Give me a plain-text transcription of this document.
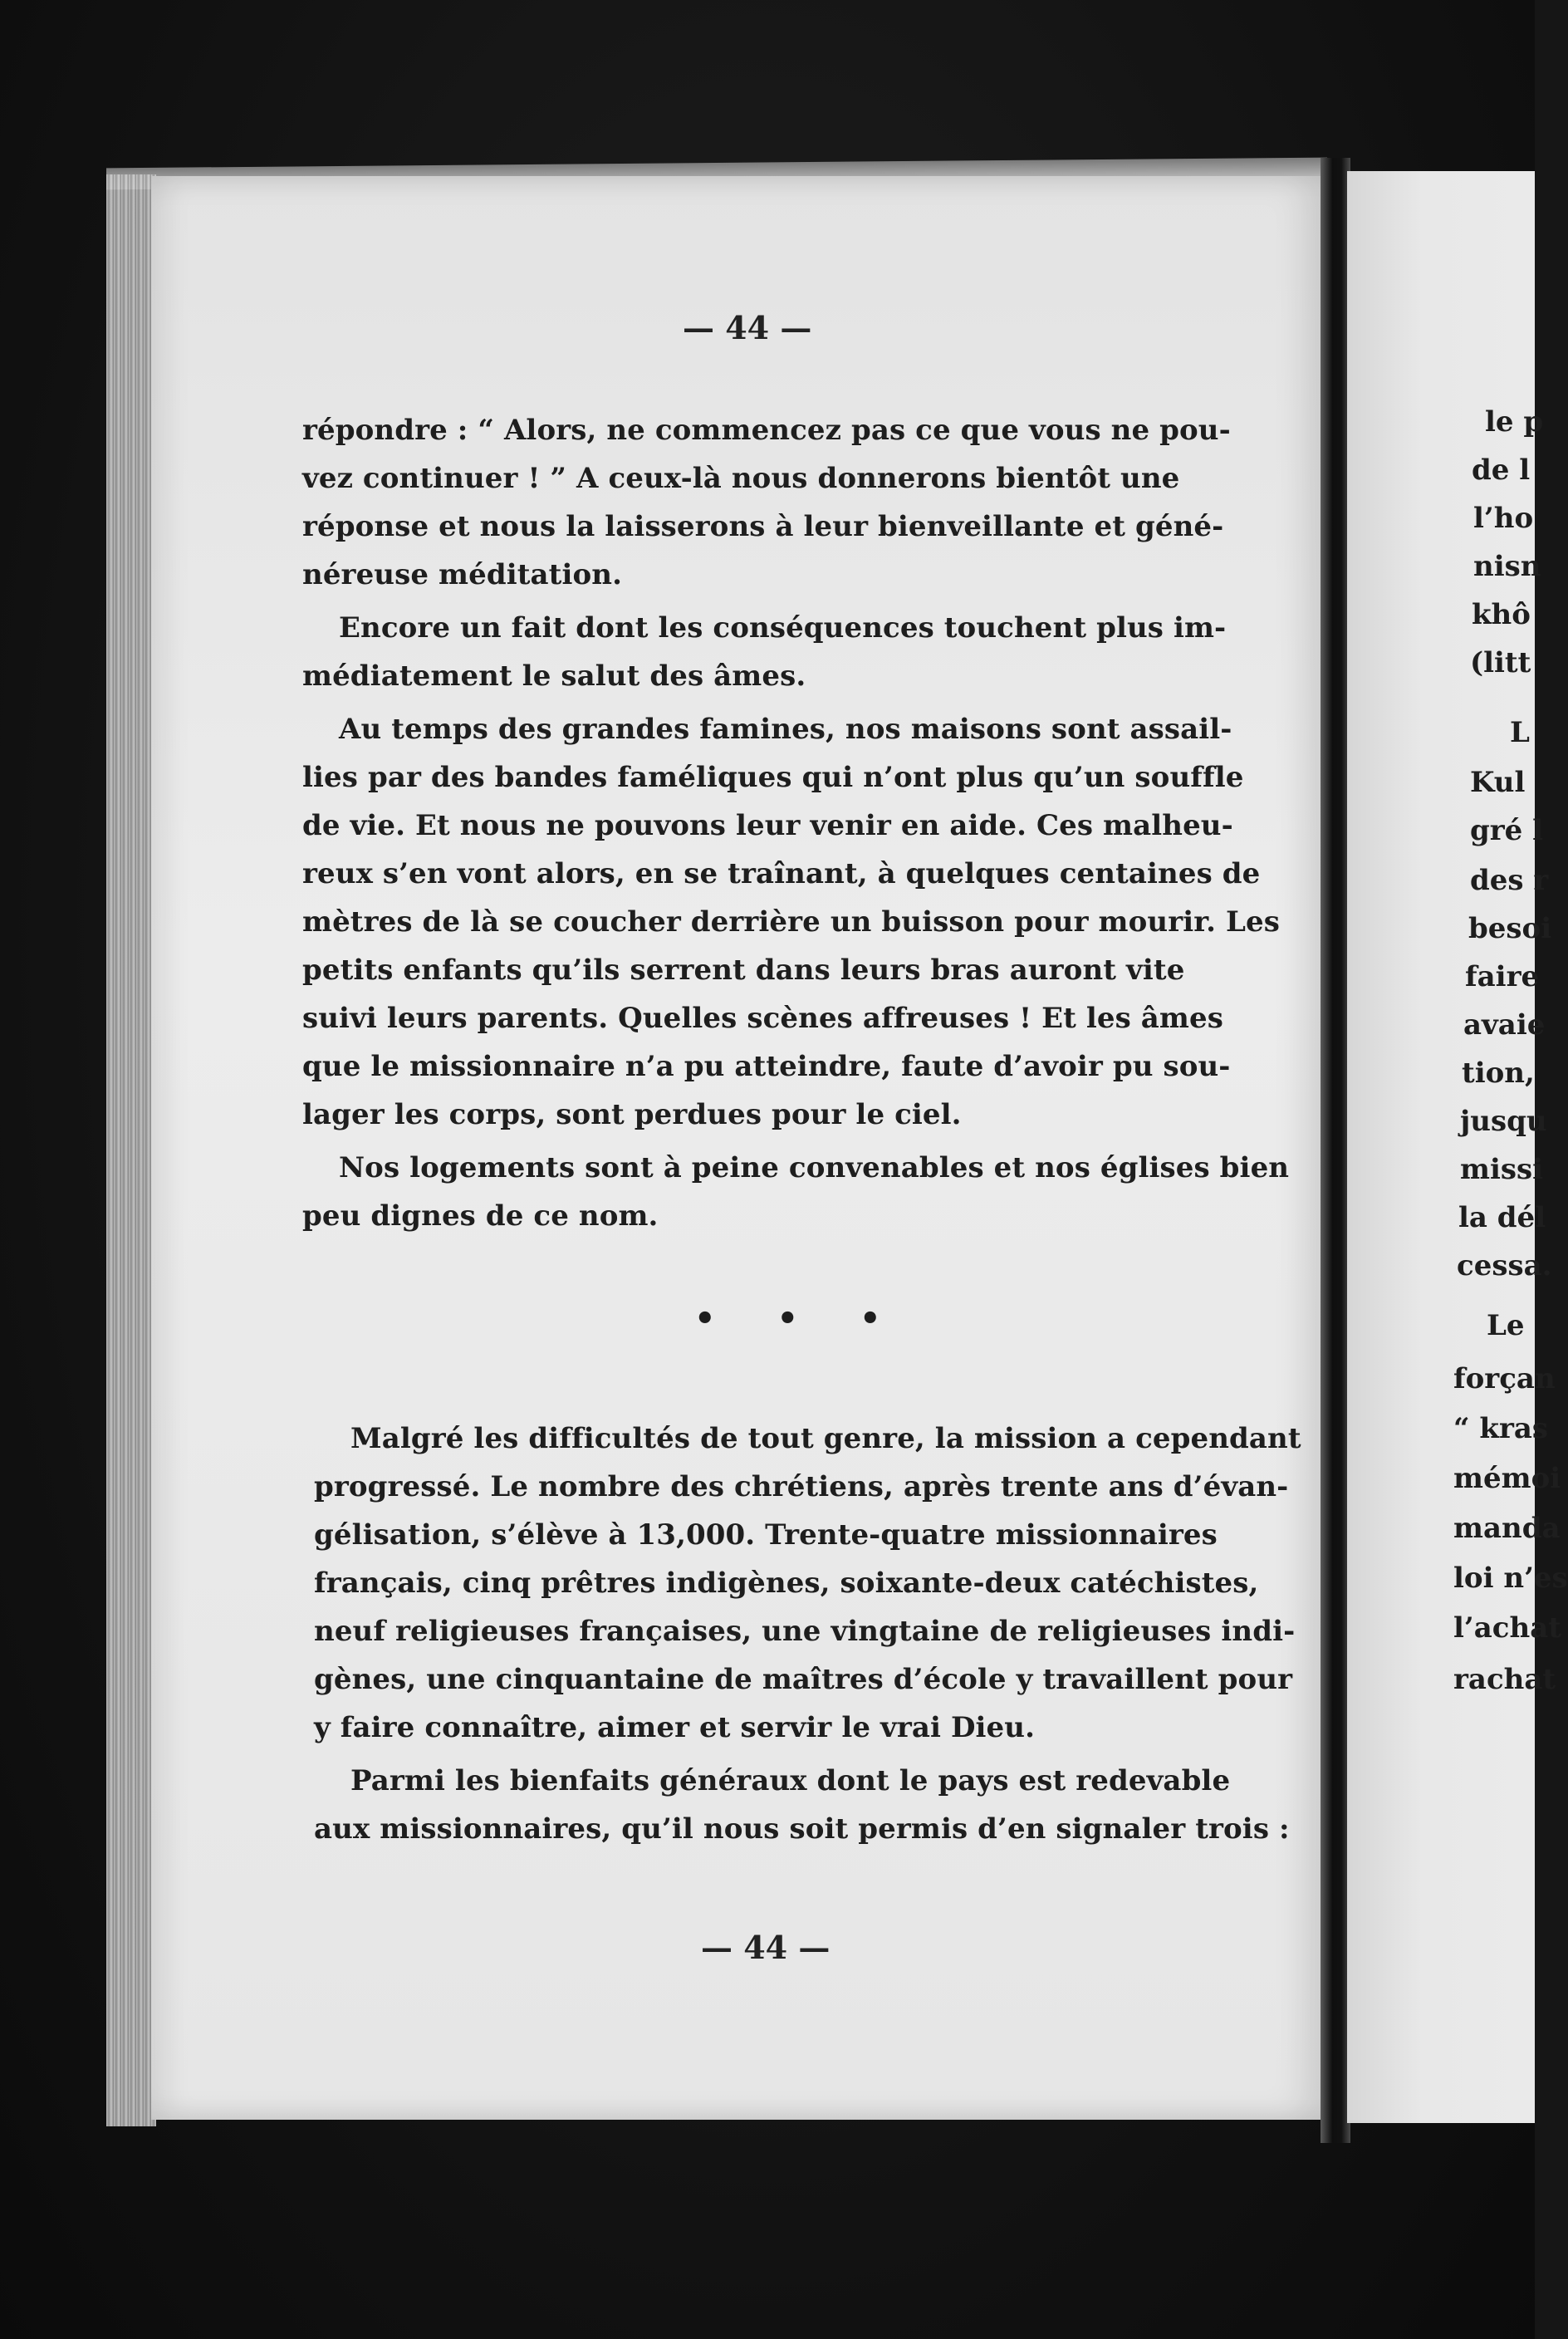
— 44 —
répondre : “ Alors, ne commencez pas ce que vous ne pou-
vez continuer ! ” A ceux-là nous donnerons bientôt une
réponse et nous la laisserons à leur bienveillante et géné-
néreuse méditation.
Encore un fait dont les conséquences touchent plus im-
médiatement le salut des âmes.
Au temps des grandes famines, nos maisons sont assail-
lies par des bandes faméliques qui n’ont plus qu’un souffle
de vie. Et nous ne pouvons leur venir en aide. Ces malheu-
reux s’en vont alors, en se traînant, à quelques centaines de
mètres de là se coucher derrière un buisson pour mourir. Les
petits enfants qu’ils serrent dans leurs bras auront vite
suivi leurs parents. Quelles scènes affreuses ! Et les âmes
que le missionnaire n’a pu atteindre, faute d’avoir pu sou-
lager les corps, sont perdues pour le ciel.
Nos logements sont à peine convenables et nos églises bien
peu dignes de ce nom.
• • •
Malgré les difficultés de tout genre, la mission a cependant
progressé. Le nombre des chrétiens, après trente ans d’évan-
gélisation, s’élève à 13,000. Trente-quatre missionnaires
français, cinq prêtres indigènes, soixante-deux catéchistes,
neuf religieuses françaises, une vingtaine de religieuses indi-
gènes, une cinquantaine de maîtres d’école y travaillent pour
y faire connaître, aimer et servir le vrai Dieu.
Parmi les bienfaits généraux dont le pays est redevable
aux missionnaires, qu’il nous soit permis d’en signaler trois :
— 44 —
le p
de l
l’ho
nisn
khô
(litt
L
Kul
gré l
des r
besoi
faire
avaie
tion,
jusqu
missi
la dél
cessa.
Le
forçan
“ kras
mémoi
manda
loi n’es
l’achat
rachat
